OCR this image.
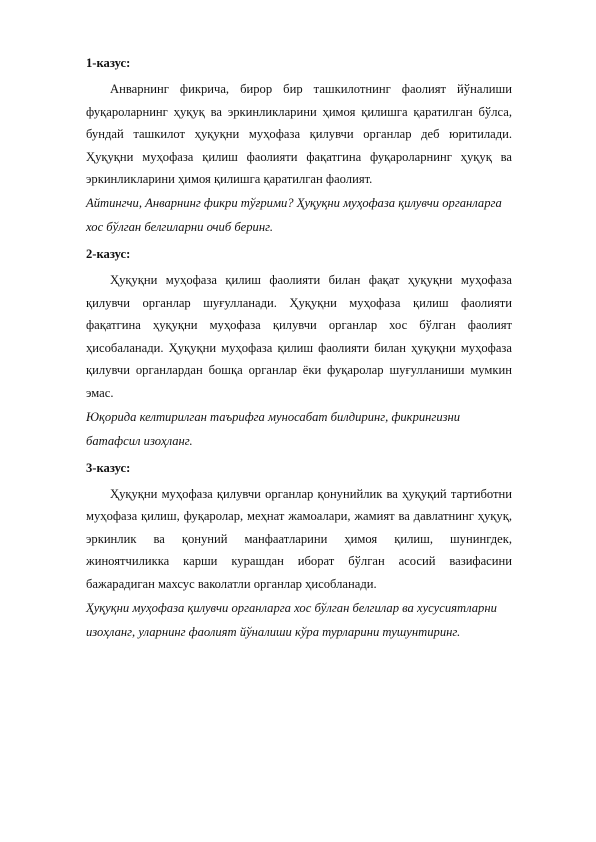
1-казус:

Анварнинг фикрича, бирор бир ташкилотнинг фаолият йўналиши фуқароларнинг ҳуқуқ ва эркинликларини ҳимоя қилишга қаратилган бўлса, бундай ташкилот ҳуқуқни муҳофаза қилувчи органлар деб юритилади. Ҳуқуқни муҳофаза қилиш фаолияти фақатгина фуқароларнинг ҳуқуқ ва эркинликларини ҳимоя қилишга қаратилган фаолият.

Айтингчи, Анварнинг фикри тўғрими? Ҳуқуқни муҳофаза қилувчи органларга
хос бўлган белгиларни очиб беринг.

2-казус:

Ҳуқуқни муҳофаза қилиш фаолияти билан фақат ҳуқуқни муҳофаза қилувчи органлар шуғулланади. Ҳуқуқни муҳофаза қилиш фаолияти фақатгина ҳуқуқни муҳофаза қилувчи органлар хос бўлган фаолият ҳисобаланади. Ҳуқуқни муҳофаза қилиш фаолияти билан ҳуқуқни муҳофаза қилувчи органлардан бошқа органлар ёки фуқаролар шуғулланиши мумкин эмас.

Юқорида келтирилган таърифга муносабат билдиринг, фикрингизни
батафсил изоҳланг.

3-казус:

Ҳуқуқни муҳофаза қилувчи органлар қонунийлик ва ҳуқуқий тартиботни муҳофаза қилиш, фуқаролар, меҳнат жамоалари, жамият ва давлатнинг ҳуқуқ, эркинлик ва қонуний манфаатларини ҳимоя қилиш, шунингдек, жиноятчиликка карши курашдан иборат бўлган асосий вазифасини бажарадиган махсус ваколатли органлар ҳисобланади.

Ҳуқуқни муҳофаза қилувчи органларга хос бўлган белгилар ва хусусиятларни
изоҳланг, уларнинг фаолият йўналиши кўра турларини тушунтиринг.
